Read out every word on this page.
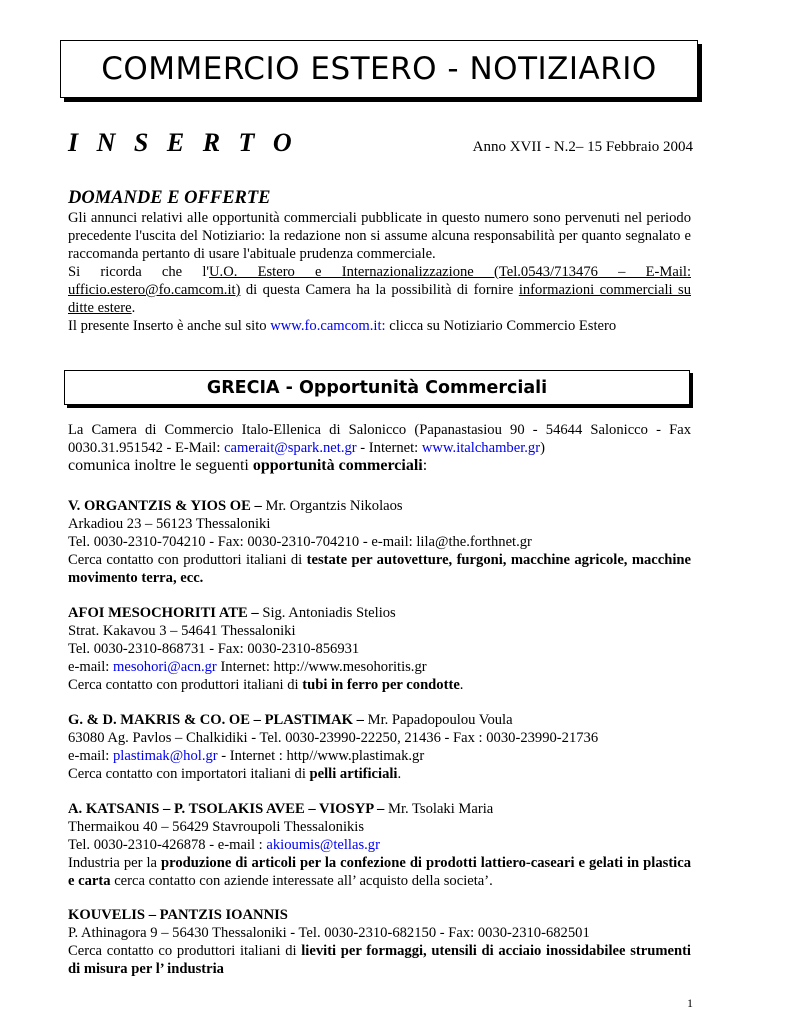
COMMERCIO ESTERO - NOTIZIARIO
I N S E R T O	Anno XVII - N.2– 15 Febbraio 2004
DOMANDE E OFFERTE

Gli annunci relativi alle opportunità commerciali pubblicate in questo numero sono pervenuti nel periodo precedente l'uscita del Notiziario: la redazione non si assume alcuna responsabilità per quanto segnalato e raccomanda pertanto di usare l'abituale prudenza commerciale.

Si ricorda che l'U.O. Estero e Internazionalizzazione (Tel.0543/713476 – E-Mail: ufficio.estero@fo.camcom.it) di questa Camera ha la possibilità di fornire informazioni commerciali su ditte estere.

Il presente Inserto è anche sul sito www.fo.camcom.it: clicca su Notiziario Commercio Estero

GRECIA - Opportunità Commerciali

La Camera di Commercio Italo-Ellenica di Salonicco (Papanastasiou 90 - 54644 Salonicco - Fax 0030.31.951542 - E-Mail: camerait@spark.net.gr - Internet: www.italchamber.gr)

comunica inoltre le seguenti opportunità commerciali:

V. ORGANTZIS & YIOS OE – Mr. Organtzis Nikolaos

Arkadiou 23 – 56123 Thessaloniki

Tel. 0030-2310-704210 - Fax: 0030-2310-704210 - e-mail: lila@the.forthnet.gr

Cerca contatto con produttori italiani di testate per autovetture, furgoni, macchine agricole, macchine movimento terra, ecc.

AFOI MESOCHORITI ATE – Sig. Antoniadis Stelios

Strat. Kakavou 3 – 54641 Thessaloniki

Tel. 0030-2310-868731 - Fax: 0030-2310-856931

e-mail: mesohori@acn.gr Internet: http://www.mesohoritis.gr

Cerca contatto con produttori italiani di tubi in ferro per condotte.

G. & D. MAKRIS & CO. OE – PLASTIMAK – Mr. Papadopoulou Voula

63080 Ag. Pavlos – Chalkidiki - Tel. 0030-23990-22250, 21436 - Fax : 0030-23990-21736

e-mail: plastimak@hol.gr - Internet : http//www.plastimak.gr

Cerca contatto con importatori italiani di pelli artificiali.

A. KATSANIS – P. TSOLAKIS AVEE – VIOSYP – Mr. Tsolaki Maria

Thermaikou 40 – 56429 Stavroupoli Thessalonikis

Tel. 0030-2310-426878 - e-mail : akioumis@tellas.gr

Industria per la produzione di articoli per la confezione di prodotti lattiero-caseari e gelati in plastica e carta cerca contatto con aziende interessate all’ acquisto della societa’.

KOUVELIS – PANTZIS IOANNIS

P. Athinagora 9 – 56430 Thessaloniki - Tel. 0030-2310-682150 - Fax: 0030-2310-682501

Cerca contatto co produttori italiani di lieviti per formaggi, utensili di acciaio inossidabilee strumenti di misura per l’ industria

1
